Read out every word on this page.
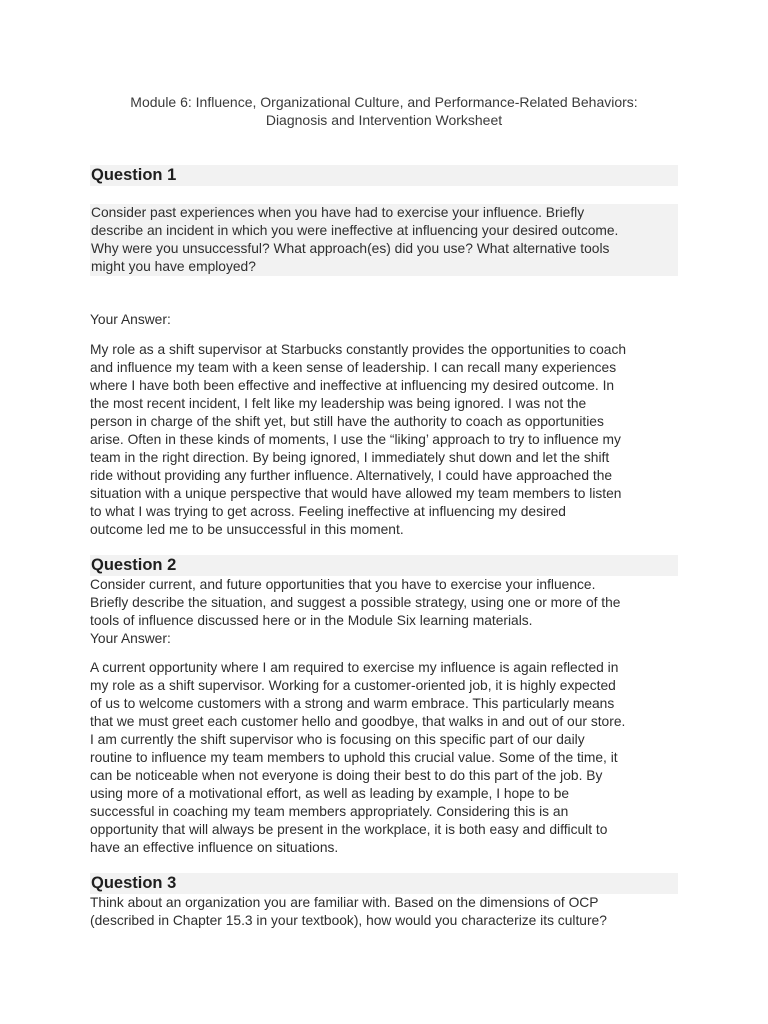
Module 6: Influence, Organizational Culture, and Performance-Related Behaviors:
Diagnosis and Intervention Worksheet
Question 1
Consider past experiences when you have had to exercise your influence. Briefly
describe an incident in which you were ineffective at influencing your desired outcome.
Why were you unsuccessful? What approach(es) did you use? What alternative tools
might you have employed?
Your Answer:
My role as a shift supervisor at Starbucks constantly provides the opportunities to coach
and influence my team with a keen sense of leadership. I can recall many experiences
where I have both been effective and ineffective at influencing my desired outcome. In
the most recent incident, I felt like my leadership was being ignored. I was not the
person in charge of the shift yet, but still have the authority to coach as opportunities
arise. Often in these kinds of moments, I use the “liking’ approach to try to influence my
team in the right direction. By being ignored, I immediately shut down and let the shift
ride without providing any further influence. Alternatively, I could have approached the
situation with a unique perspective that would have allowed my team members to listen
to what I was trying to get across. Feeling ineffective at influencing my desired
outcome led me to be unsuccessful in this moment.
Question 2
Consider current, and future opportunities that you have to exercise your influence.
Briefly describe the situation, and suggest a possible strategy, using one or more of the
tools of influence discussed here or in the Module Six learning materials.
Your Answer:
A current opportunity where I am required to exercise my influence is again reflected in
my role as a shift supervisor. Working for a customer-oriented job, it is highly expected
of us to welcome customers with a strong and warm embrace. This particularly means
that we must greet each customer hello and goodbye, that walks in and out of our store.
I am currently the shift supervisor who is focusing on this specific part of our daily
routine to influence my team members to uphold this crucial value. Some of the time, it
can be noticeable when not everyone is doing their best to do this part of the job. By
using more of a motivational effort, as well as leading by example, I hope to be
successful in coaching my team members appropriately. Considering this is an
opportunity that will always be present in the workplace, it is both easy and difficult to
have an effective influence on situations.
Question 3
Think about an organization you are familiar with. Based on the dimensions of OCP
(described in Chapter 15.3 in your textbook), how would you characterize its culture?
